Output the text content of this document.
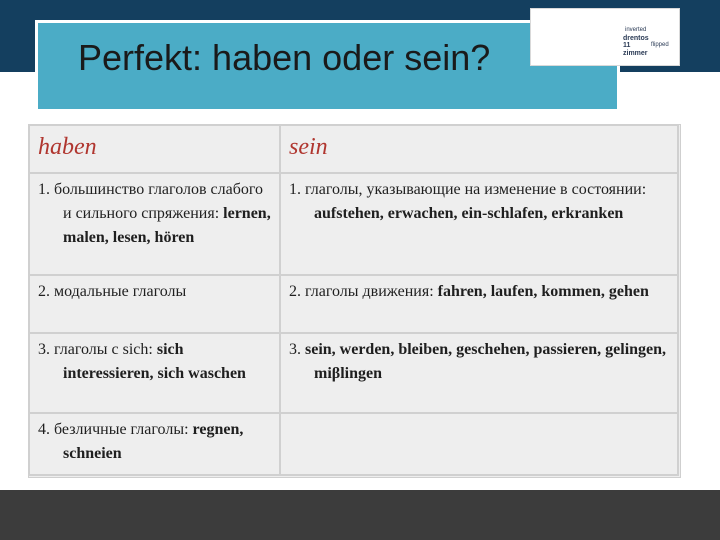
Perfekt: haben oder sein?
inverted
drentos
11	flipped
zimmer
haben	sein

1. большинство глаголов слабого и сильного спряжения: lernen, malen, lesen, hören	1. глаголы, указывающие на изменение в состоянии: aufstehen, erwachen, ein-schlafen, erkranken

2. модальные глаголы	2. глаголы движения: fahren, laufen, kommen, gehen

3. глаголы с sich: sich interessieren, sich waschen	3. sein, werden, bleiben, geschehen, passieren, gelingen, miβlingen

4. безличные глаголы: regnen, schneien	
